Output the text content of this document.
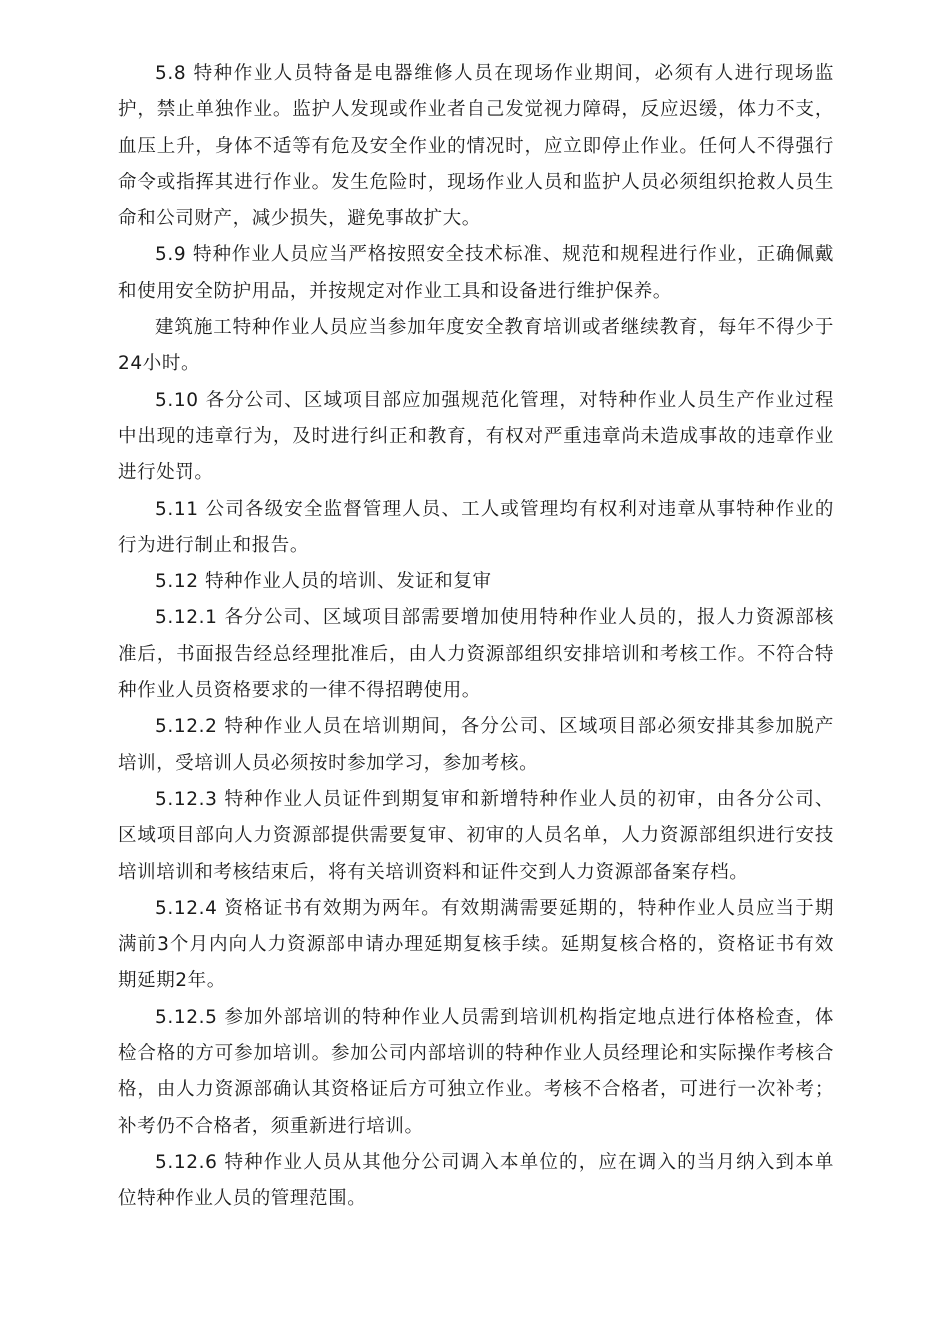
5.8 特种作业人员特备是电器维修人员在现场作业期间，必须有人进行现场监护，禁止单独作业。监护人发现或作业者自己发觉视力障碍，反应迟缓，体力不支，血压上升，身体不适等有危及安全作业的情况时，应立即停止作业。任何人不得强行命令或指挥其进行作业。发生危险时，现场作业人员和监护人员必须组织抢救人员生命和公司财产，减少损失，避免事故扩大。

5.9 特种作业人员应当严格按照安全技术标准、规范和规程进行作业，正确佩戴和使用安全防护用品，并按规定对作业工具和设备进行维护保养。

建筑施工特种作业人员应当参加年度安全教育培训或者继续教育，每年不得少于24小时。

5.10 各分公司、区域项目部应加强规范化管理，对特种作业人员生产作业过程中出现的违章行为，及时进行纠正和教育，有权对严重违章尚未造成事故的违章作业进行处罚。

5.11 公司各级安全监督管理人员、工人或管理均有权利对违章从事特种作业的行为进行制止和报告。

5.12 特种作业人员的培训、发证和复审

5.12.1 各分公司、区域项目部需要增加使用特种作业人员的，报人力资源部核准后，书面报告经总经理批准后，由人力资源部组织安排培训和考核工作。不符合特种作业人员资格要求的一律不得招聘使用。

5.12.2 特种作业人员在培训期间，各分公司、区域项目部必须安排其参加脱产培训，受培训人员必须按时参加学习，参加考核。

5.12.3 特种作业人员证件到期复审和新增特种作业人员的初审，由各分公司、区域项目部向人力资源部提供需要复审、初审的人员名单，人力资源部组织进行安技培训培训和考核结束后，将有关培训资料和证件交到人力资源部备案存档。

5.12.4 资格证书有效期为两年。有效期满需要延期的，特种作业人员应当于期满前3个月内向人力资源部申请办理延期复核手续。延期复核合格的，资格证书有效期延期2年。

5.12.5 参加外部培训的特种作业人员需到培训机构指定地点进行体格检查，体检合格的方可参加培训。参加公司内部培训的特种作业人员经理论和实际操作考核合格，由人力资源部确认其资格证后方可独立作业。考核不合格者，可进行一次补考；补考仍不合格者，须重新进行培训。

5.12.6 特种作业人员从其他分公司调入本单位的，应在调入的当月纳入到本单位特种作业人员的管理范围。
